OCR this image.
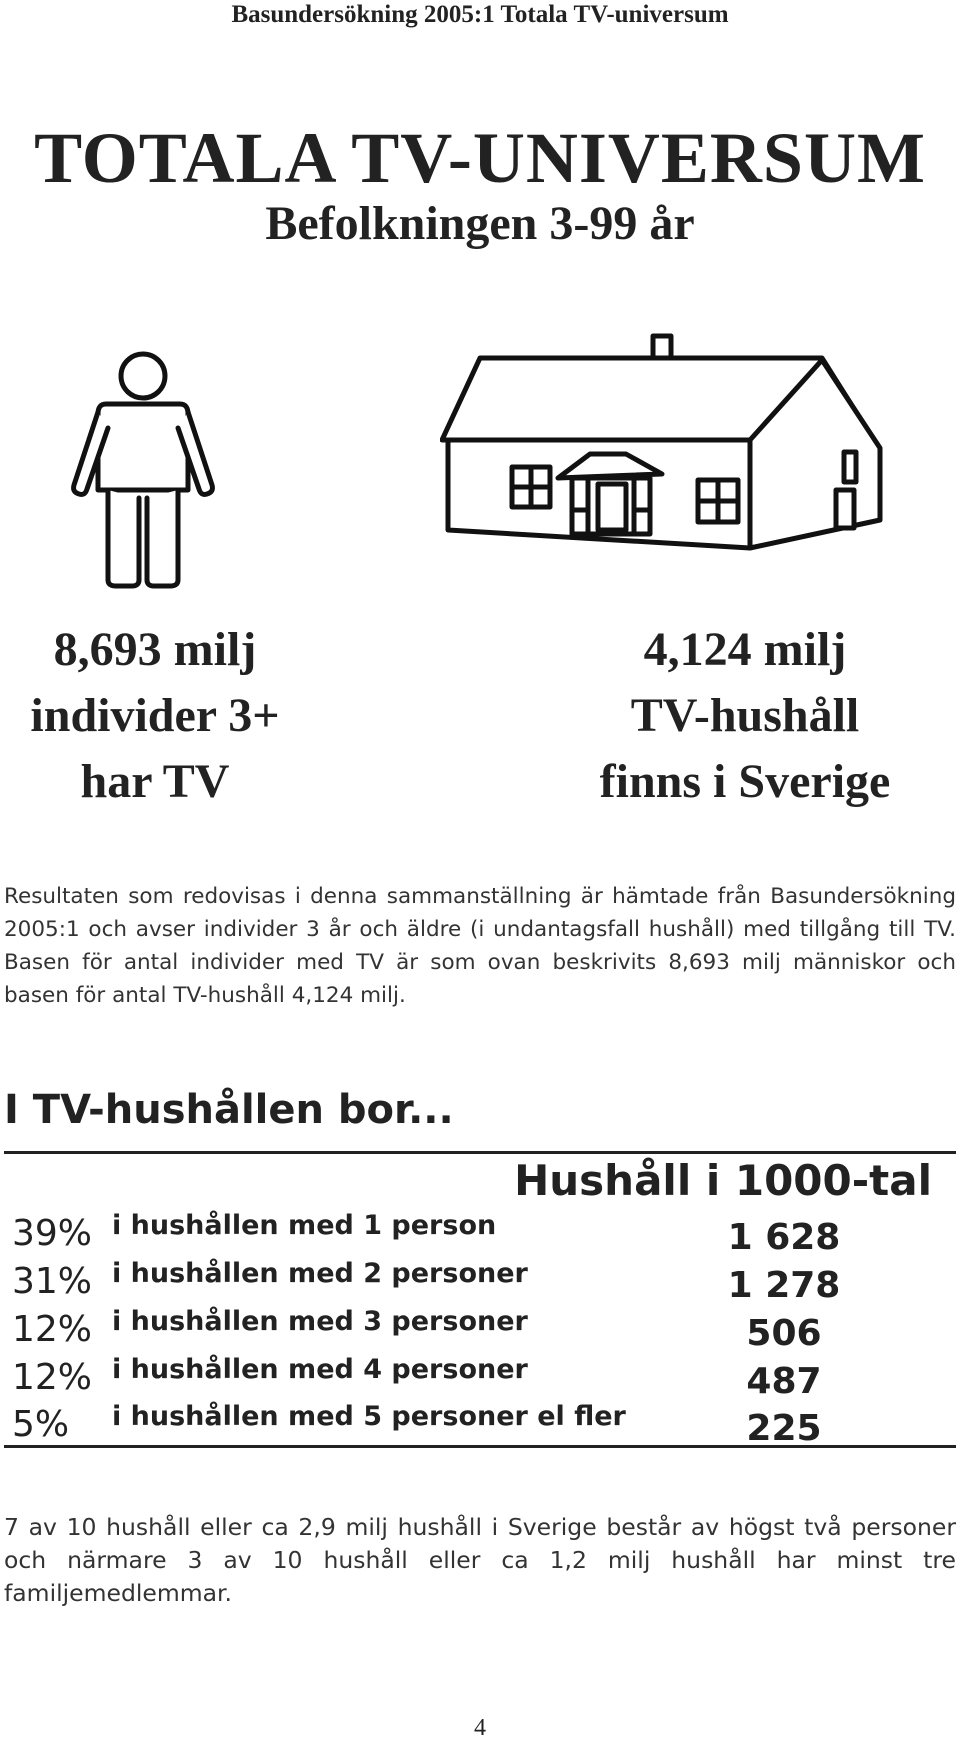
Basundersökning 2005:1 Totala TV-universum
TOTALA TV-UNIVERSUM
Befolkningen 3-99 år
8,693 milj
individer 3+
har TV
4,124 milj
TV-hushåll
finns i Sverige

Resultaten som redovisas i denna sammanställning är hämtade från Basundersökning 2005:1 och avser individer 3 år och äldre (i undantagsfall hushåll) med tillgång till TV. Basen för antal individer med TV är som ovan beskrivits 8,693 milj människor och basen för antal TV-hushåll 4,124 milj.

I TV-hushållen bor...
Hushåll i 1000-tal
39% i hushållen med 1 person	1 628
31% i hushållen med 2 personer	1 278
12% i hushållen med 3 personer	506
12% i hushållen med 4 personer	487
5% i hushållen med 5 personer el fler	225

7 av 10 hushåll eller ca 2,9 milj hushåll i Sverige består av högst två personer och närmare 3 av 10 hushåll eller ca 1,2 milj hushåll har minst tre familjemedlemmar.

4
